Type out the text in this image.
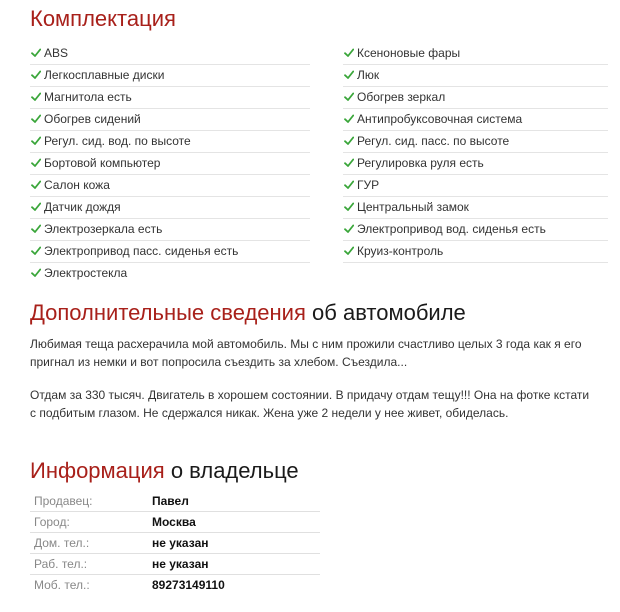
Комплектация
ABS
Легкосплавные диски
Магнитола есть
Обогрев сидений
Регул. сид. вод. по высоте
Бортовой компьютер
Салон кожа
Датчик дождя
Электрозеркала есть
Электропривод пасс. сиденья есть
Электростекла
Ксеноновые фары
Люк
Обогрев зеркал
Антипробуксовочная система
Регул. сид. пасс. по высоте
Регулировка руля есть
ГУР
Центральный замок
Электропривод вод. сиденья есть
Круиз-контроль
Дополнительные сведения об автомобиле

Любимая теща расхерачила мой автомобиль. Мы с ним прожили счастливо целых 3 года как я его пригнал из немки и вот попросила съездить за хлебом. Съездила...

Отдам за 330 тысяч. Двигатель в хорошем состоянии. В придачу отдам тещу!!! Она на фотке кстати с подбитым глазом. Не сдержался никак. Жена уже 2 недели у нее живет, обиделась.

Информация о владельце
Продавец:	Павел
Город:	Москва
Дом. тел.:	не указан
Раб. тел.:	не указан
Моб. тел.:	89273149110
